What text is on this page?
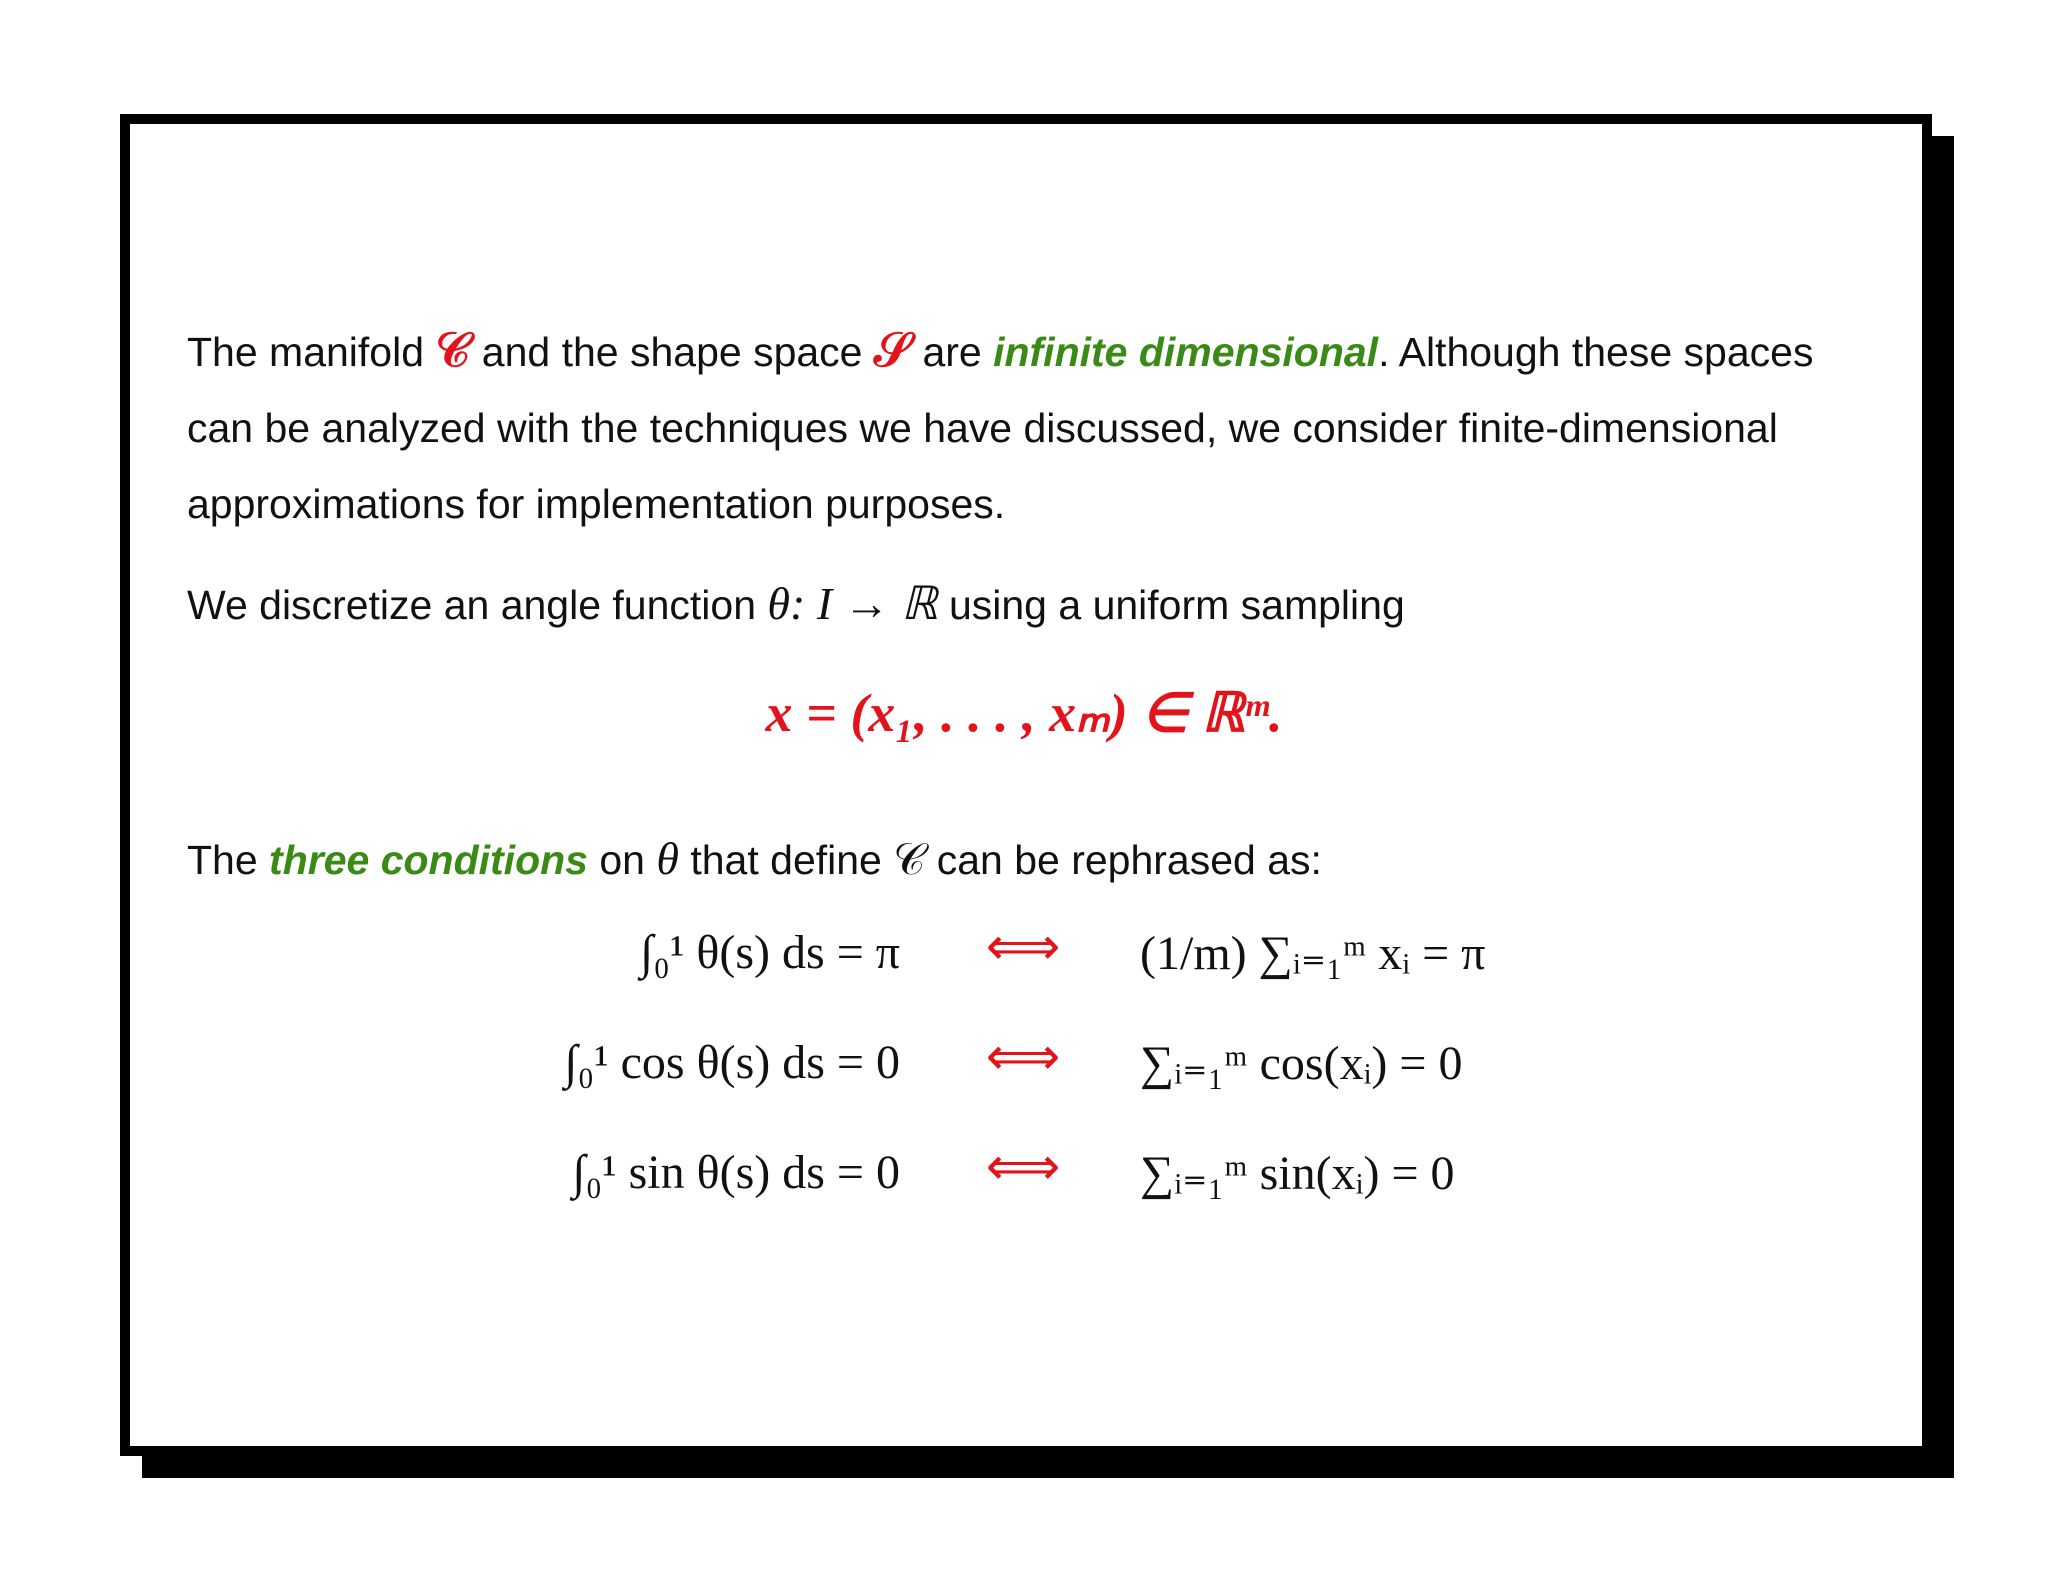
The manifold 𝒞 and the shape space 𝒮 are infinite dimensional. Although these spaces can be analyzed with the techniques we have discussed, we consider finite-dimensional approximations for implementation purposes.

We discretize an angle function θ: I → ℝ using a uniform sampling

The three conditions on θ that define 𝒞 can be rephrased as:

x = (x₁, . . . , xₘ) ∈ ℝᵐ.
∫₀¹ θ(s) ds = π	⟺	(1/m) ∑ᵢ₌₁ᵐ xᵢ = π
∫₀¹ cos θ(s) ds = 0	⟺	∑ᵢ₌₁ᵐ cos(xᵢ) = 0
∫₀¹ sin θ(s) ds = 0	⟺	∑ᵢ₌₁ᵐ sin(xᵢ) = 0
